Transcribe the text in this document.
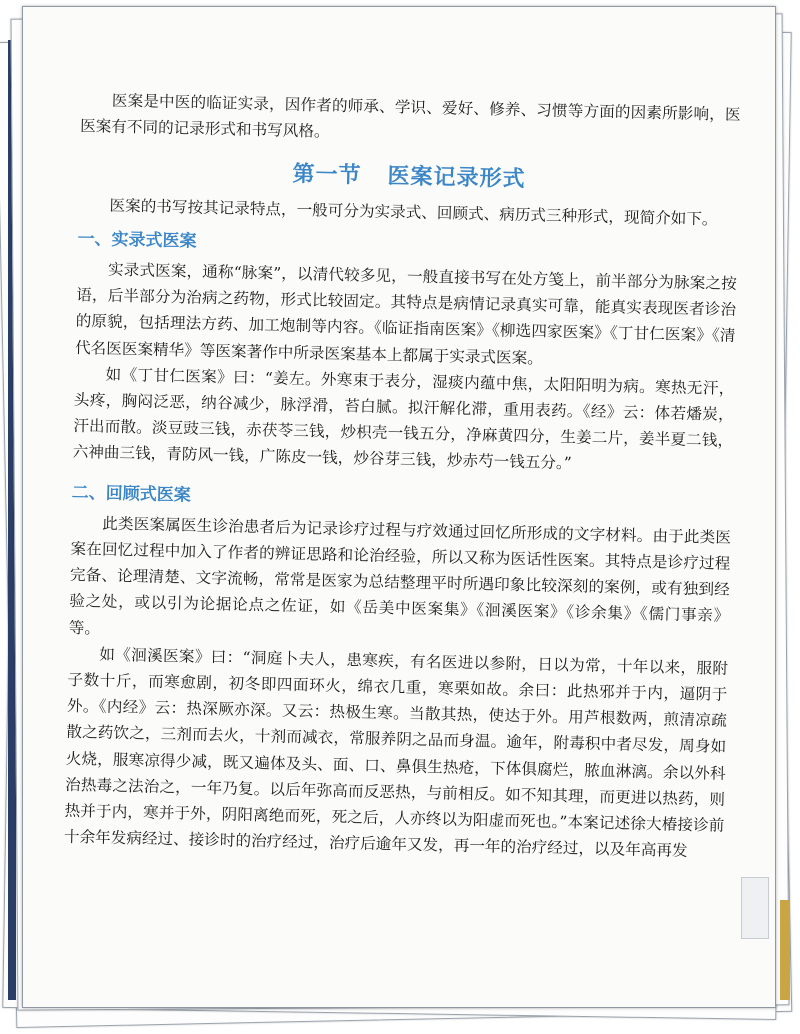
医案是中医的临证实录，因作者的师承、学识、爱好、修养、习惯等方面的因素所影响，医医案有不同的记录形式和书写风格。

第一节 医案记录形式

医案的书写按其记录特点，一般可分为实录式、回顾式、病历式三种形式，现简介如下。

一、实录式医案

实录式医案，通称“脉案”，以清代较多见，一般直接书写在处方笺上，前半部分为脉案之按语，后半部分为治病之药物，形式比较固定。其特点是病情记录真实可靠，能真实表现医者诊治的原貌，包括理法方药、加工炮制等内容。《临证指南医案》《柳选四家医案》《丁甘仁医案》《清代名医医案精华》等医案著作中所录医案基本上都属于实录式医案。

如《丁甘仁医案》曰：“姜左。外寒束于表分，湿痰内蕴中焦，太阳阳明为病。寒热无汗，头疼，胸闷泛恶，纳谷减少，脉浮滑，苔白腻。拟汗解化滞，重用表药。《经》云：体若燔炭，汗出而散。淡豆豉三钱，赤茯苓三钱，炒枳壳一钱五分，净麻黄四分，生姜二片，姜半夏二钱，六神曲三钱，青防风一钱，广陈皮一钱，炒谷芽三钱，炒赤芍一钱五分。”

二、回顾式医案

此类医案属医生诊治患者后为记录诊疗过程与疗效通过回忆所形成的文字材料。由于此类医案在回忆过程中加入了作者的辨证思路和论治经验，所以又称为医话性医案。其特点是诊疗过程完备、论理清楚、文字流畅，常常是医家为总结整理平时所遇印象比较深刻的案例，或有独到经验之处，或以引为论据论点之佐证，如《岳美中医案集》《洄溪医案》《诊余集》《儒门事亲》等。

如《洄溪医案》曰：“洞庭卜夫人，患寒疾，有名医进以参附，日以为常，十年以来，服附子数十斤，而寒愈剧，初冬即四面环火，绵衣几重，寒栗如故。余曰：此热邪并于内，逼阴于外。《内经》云：热深厥亦深。又云：热极生寒。当散其热，使达于外。用芦根数两，煎清凉疏散之药饮之，三剂而去火，十剂而减衣，常服养阴之品而身温。逾年，附毒积中者尽发，周身如火烧，服寒凉得少减，既又遍体及头、面、口、鼻俱生热疮，下体俱腐烂，脓血淋漓。余以外科治热毒之法治之，一年乃复。以后年弥高而反恶热，与前相反。如不知其理，而更进以热药，则热并于内，寒并于外，阴阳离绝而死，死之后，人亦终以为阳虚而死也。”本案记述徐大椿接诊前十余年发病经过、接诊时的治疗经过，治疗后逾年又发，再一年的治疗经过，以及年高再发
